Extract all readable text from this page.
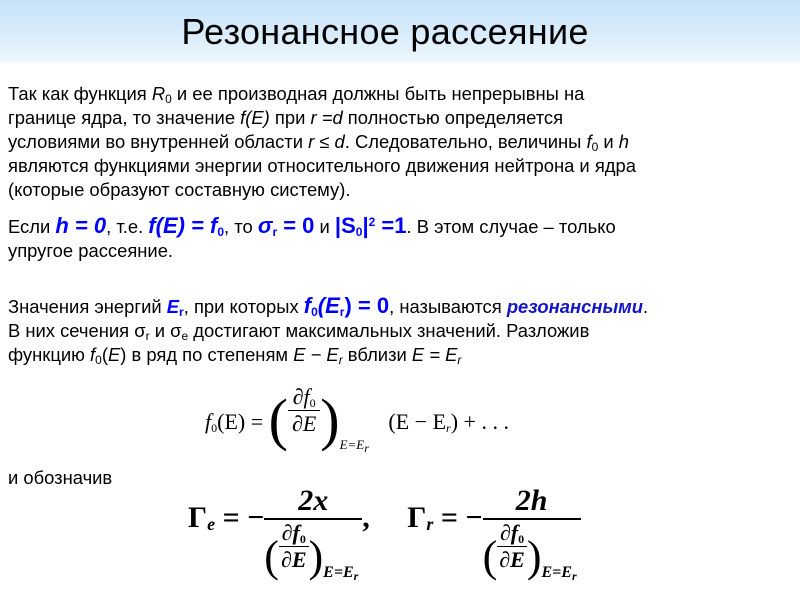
Резонансное рассеяние
Так как функция $R_0$ и ее производная должны быть непрерывны на
границе ядра, то значение f(E) при r =d полностью определяется
условиями во внутренней области r ≤ d. Следовательно, величины $f_0$ и h
являются функциями энергии относительного движения нейтрона и ядра
(которые образуют составную систему).
Если h = 0, т.е. $f(E) = f_0$, то $\sigma_r = 0$ и $|S_0|^2 =1$. В этом случае – только
упругое рассеяние.
Значения энергий $E_r$, при которых $f_0(E_r) = 0$, называются резонансными.
В них сечения $\sigma_r$ и $\sigma_e$ достигают максимальных значений. Разложив
функцию $f_0(E)$ в ряд по степеням $E - E_r$ вблизи $E = E_r$
$f_0(E)$ = ( $\frac{\partial f_0}{\partial E} )_{E=E_r}$ $(E - E_r)$ + . . .
и обозначив
$\Gamma_e$ = − $\frac{2x}{( \frac{\partial f_0}{\partial E} )_{E=E_r}}$ , $\Gamma_r$ = − $\frac{2h}{( \frac{\partial f_0}{\partial E} )_{E=E_r}}$
